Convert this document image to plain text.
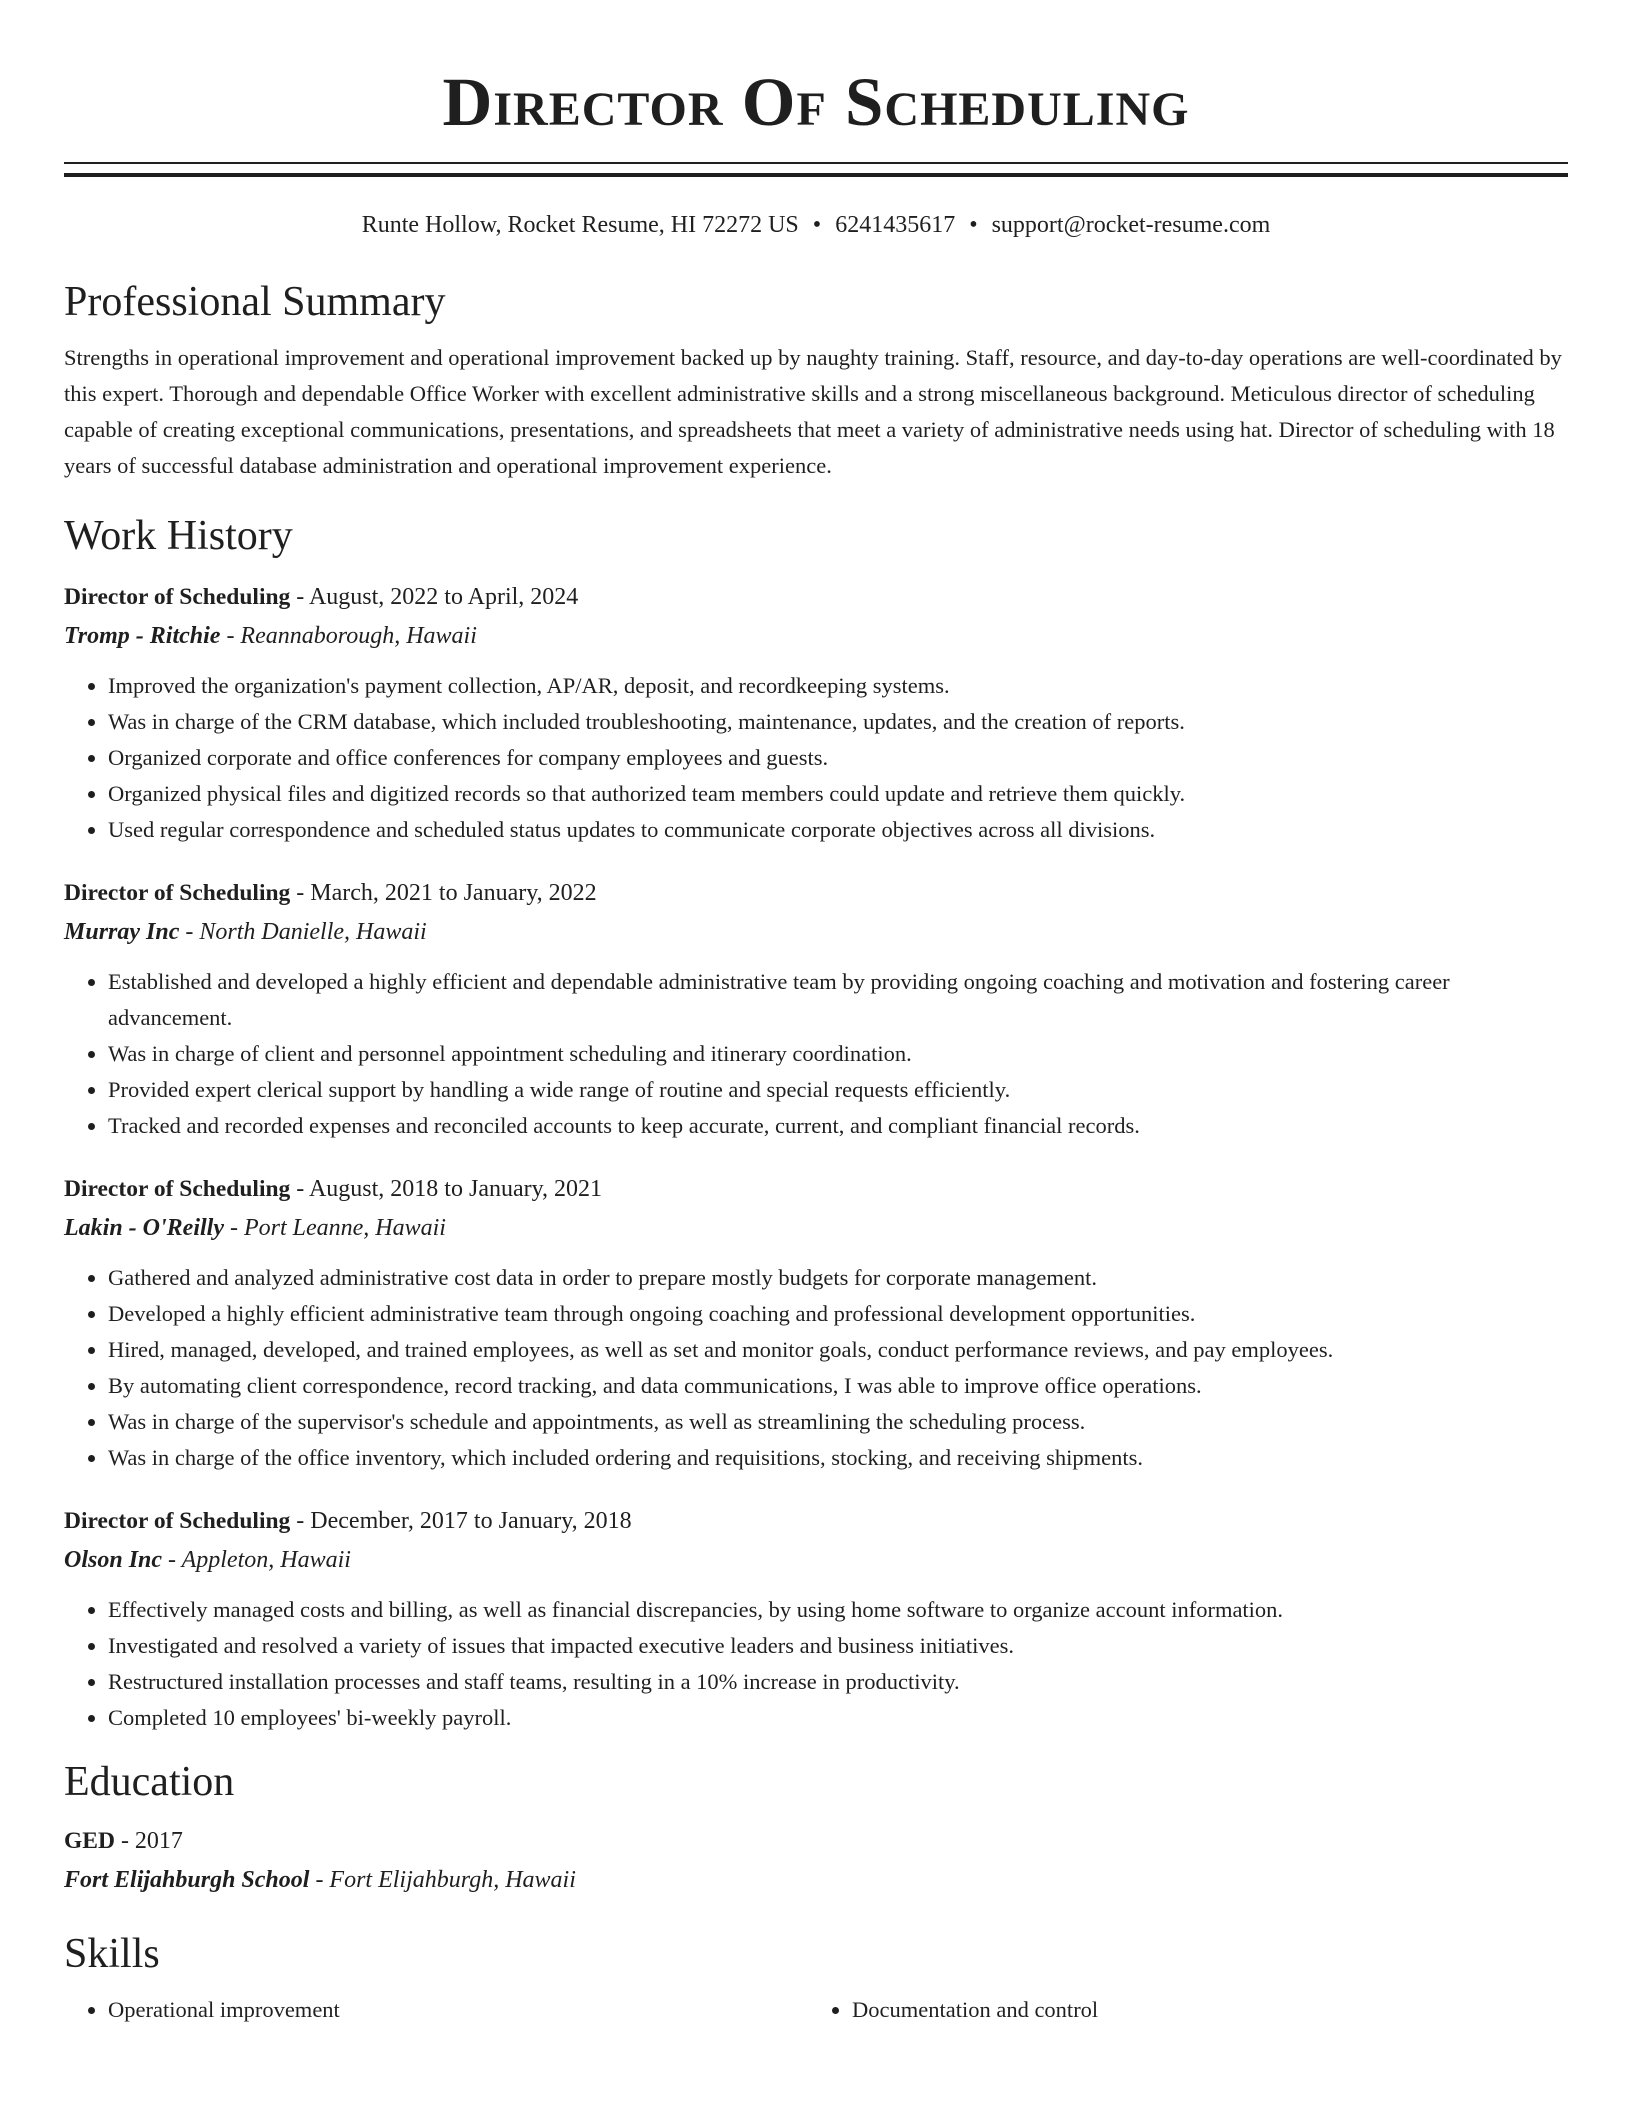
Director Of Scheduling
Runte Hollow, Rocket Resume, HI 72272 US • 6241435617 • support@rocket-resume.com
Professional Summary
Strengths in operational improvement and operational improvement backed up by naughty training. Staff, resource, and day-to-day operations are well-coordinated by this expert. Thorough and dependable Office Worker with excellent administrative skills and a strong miscellaneous background. Meticulous director of scheduling capable of creating exceptional communications, presentations, and spreadsheets that meet a variety of administrative needs using hat. Director of scheduling with 18 years of successful database administration and operational improvement experience.
Work History
Director of Scheduling - August, 2022 to April, 2024
Tromp - Ritchie - Reannaborough, Hawaii
• Improved the organization's payment collection, AP/AR, deposit, and recordkeeping systems.
• Was in charge of the CRM database, which included troubleshooting, maintenance, updates, and the creation of reports.
• Organized corporate and office conferences for company employees and guests.
• Organized physical files and digitized records so that authorized team members could update and retrieve them quickly.
• Used regular correspondence and scheduled status updates to communicate corporate objectives across all divisions.
Director of Scheduling - March, 2021 to January, 2022
Murray Inc - North Danielle, Hawaii
• Established and developed a highly efficient and dependable administrative team by providing ongoing coaching and motivation and fostering career advancement.
• Was in charge of client and personnel appointment scheduling and itinerary coordination.
• Provided expert clerical support by handling a wide range of routine and special requests efficiently.
• Tracked and recorded expenses and reconciled accounts to keep accurate, current, and compliant financial records.
Director of Scheduling - August, 2018 to January, 2021
Lakin - O'Reilly - Port Leanne, Hawaii
• Gathered and analyzed administrative cost data in order to prepare mostly budgets for corporate management.
• Developed a highly efficient administrative team through ongoing coaching and professional development opportunities.
• Hired, managed, developed, and trained employees, as well as set and monitor goals, conduct performance reviews, and pay employees.
• By automating client correspondence, record tracking, and data communications, I was able to improve office operations.
• Was in charge of the supervisor's schedule and appointments, as well as streamlining the scheduling process.
• Was in charge of the office inventory, which included ordering and requisitions, stocking, and receiving shipments.
Director of Scheduling - December, 2017 to January, 2018
Olson Inc - Appleton, Hawaii
• Effectively managed costs and billing, as well as financial discrepancies, by using home software to organize account information.
• Investigated and resolved a variety of issues that impacted executive leaders and business initiatives.
• Restructured installation processes and staff teams, resulting in a 10% increase in productivity.
• Completed 10 employees' bi-weekly payroll.
Education
GED - 2017
Fort Elijahburgh School - Fort Elijahburgh, Hawaii
Skills
• Operational improvement
•	Documentation and control
